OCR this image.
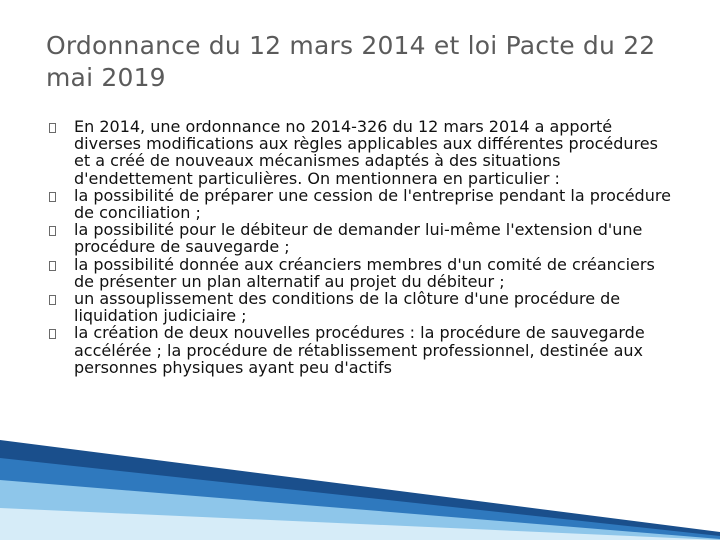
Ordonnance du 12 mars 2014 et loi Pacte du 22 mai 2019
En 2014, une ordonnance no 2014-326 du 12 mars 2014 a apporté diverses modifications aux règles applicables aux différentes procédures et a créé de nouveaux mécanismes adaptés à des situations d'endettement particulières. On mentionnera en particulier :
la possibilité de préparer une cession de l'entreprise pendant la procédure de conciliation ;
la possibilité pour le débiteur de demander lui-même l'extension d'une procédure de sauvegarde ;
la possibilité donnée aux créanciers membres d'un comité de créanciers de présenter un plan alternatif au projet du débiteur ;
un assouplissement des conditions de la clôture d'une procédure de liquidation judiciaire ;
la création de deux nouvelles procédures : la procédure de sauvegarde accélérée ; la procédure de rétablissement professionnel, destinée aux personnes physiques ayant peu d'actifs
